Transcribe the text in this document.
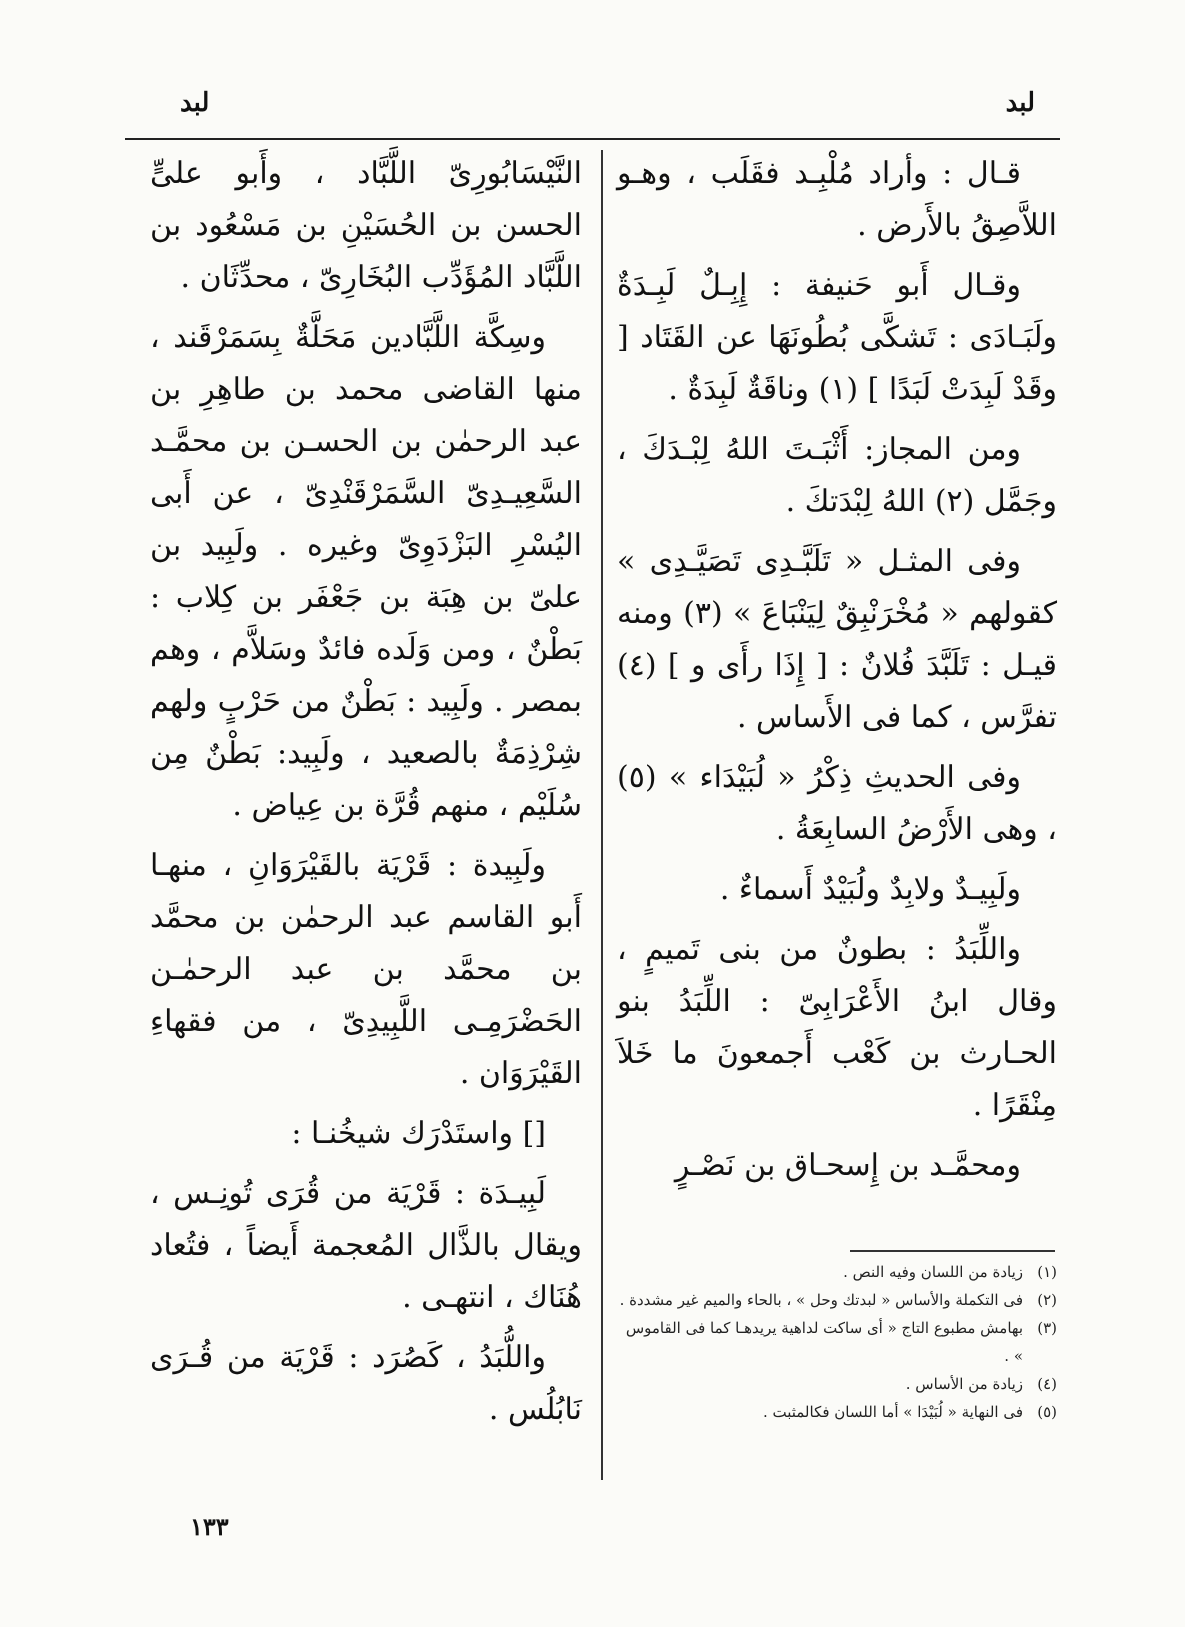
لبد
لبد

قـال : وأراد مُلْبِـد فقَلَب ، وهـو اللاَّصِقُ بالأَرض .

وقـال أَبو حَنيفة : إِبِـلٌ لَبِـدَةٌ ولَبَـادَى : تَشكَّى بُطُونَهَا عن القَتَاد [ وقَدْ لَبِدَتْ لَبَدًا ] (١) وناقَةٌ لَبِدَةٌ .

ومن المجاز: أَثْبَـتَ اللهُ لِبْـدَكَ ، وجَمَّل (٢) اللهُ لِبْدَتكَ .

وفى المثـل « تَلَبَّـدِى تَصَيَّـدِى » كقولهم « مُخْرَنْبِقٌ لِيَنْبَاعَ » (٣) ومنه قيـل : تَلَبَّدَ فُلانٌ : [ إِذَا رأَى و ] (٤) تفرَّس ، كما فى الأَساس .

وفى الحديثِ ذِكْرُ « لُبَيْدَاء » (٥) ، وهى الأَرْضُ السابِعَةُ .

ولَبِيـدٌ ولابِدٌ ولُبَيْدٌ أَسماءٌ .

واللِّبَدُ : بطونٌ من بنى تَميمٍ ، وقال ابنُ الأَعْرَابِىّ : اللِّبَدُ بنو الحـارث بن كَعْب أَجمعونَ ما خَلاَ مِنْقَرًا .

ومحمَّـد بن إِسحـاق بن نَصْـرٍ

النَّيْسَابُورِىّ اللَّبَّاد ، وأَبو علىٍّ الحسن بن الحُسَيْنِ بن مَسْعُود بن اللَّبَّاد المُؤَدِّب البُخَارِىّ ، محدِّثَان .

وسِكَّة اللَّبَّادين مَحَلَّةٌ بِسَمَرْقَند ، منها القاضى محمد بن طاهِرِ بن عبد الرحمٰن بن الحسـن بن محمَّـد السَّعِيـدِىّ السَّمَرْقَنْدِىّ ، عن أَبى اليُسْرِ البَزْدَوِىّ وغيره . ولَبِيد بن علىّ بن هِبَة بن جَعْفَر بن كِلاب : بَطْنٌ ، ومن وَلَده فائدٌ وسَلاَّم ، وهم بمصر . ولَبِيد : بَطْنٌ من حَرْبٍ ولهم شِرْذِمَةٌ بالصعيد ، ولَبِيد: بَطْنٌ مِن سُلَيْم ، منهم قُرَّة بن عِياض .

ولَبِيدة : قَرْيَة بالقَيْرَوَانِ ، منهـا أَبو القاسم عبد الرحمٰن بن محمَّد بن محمَّد بن عبد الرحمٰـن الحَضْرَمِـى اللَّبِيدِىّ ، من فقهاءِ القَيْرَوَان .

[] واستَدْرَك شيخُنـا :

لَبِيـدَة : قَرْيَة من قُرَى تُونِـس ، ويقال بالذَّال المُعجمة أَيضاً ، فتُعاد هُنَاك ، انتهـى .

واللُّبَدُ ، كَصُرَد : قَرْيَة من قُـرَى نَابُلُس .

(١)
زيادة من اللسان وفيه النص .

(٢)
فى التكملة والأساس « لبدتك وحل » ، بالحاء والميم غير مشددة .

(٣)
بهامش مطبوع التاج « أى ساكت لداهية يريدهـا كما فى القاموس » .

(٤)
زيادة من الأساس .

(٥)
فى النهاية « لُبَيْدَا » أما اللسان فكالمثبت .

١٣٣
